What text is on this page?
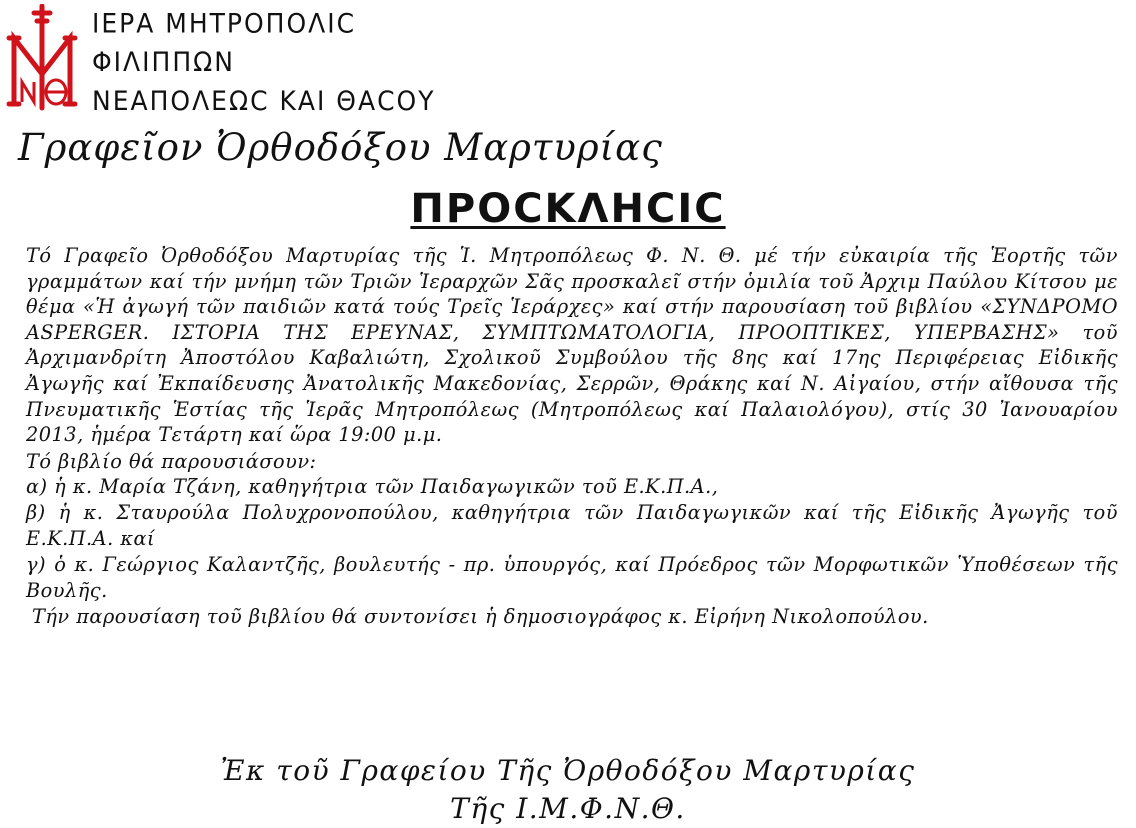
ΙΕΡΑ ΜΗΤΡΟΠΟΛΙϹ
ΦΙΛΙΠΠΩΝ
ΝΕΑΠΟΛΕΩϹ ΚΑΙ ΘΑϹΟΥ
Γραφεῖον Ὀρθοδόξου Μαρτυρίας
ΠΡΟϹΚΛΗϹΙϹ

Τό Γραφεῖο Ὀρθοδόξου Μαρτυρίας τῆς Ἱ. Μητροπόλεως Φ. Ν. Θ. μέ τήν εὐκαιρία τῆς Ἑορτῆς τῶν γραμμάτων καί τήν μνήμη τῶν Τριῶν Ἱεραρχῶν Σᾶς προσκαλεῖ στήν ὁμιλία τοῦ Ἀρχιμ Παύλου Κίτσου με θέμα «Ἡ ἀγωγή τῶν παιδιῶν κατά τούς Τρεῖς Ἱεράρχες» καί στήν παρουσίαση τοῦ βιβλίου «ΣΥΝΔΡΟΜΟ ASPERGER. ΙΣΤΟΡΙΑ ΤΗΣ ΕΡΕΥΝΑΣ, ΣΥΜΠΤΩΜΑΤΟΛΟΓΙΑ, ΠΡΟΟΠΤΙΚΕΣ, ΥΠΕΡΒΑΣΗΣ» τοῦ Ἀρχιμανδρίτη Ἀποστόλου Καβαλιώτη, Σχολικοῦ Συμβούλου τῆς 8ης καί 17ης Περιφέρειας Εἰδικῆς Ἀγωγῆς καί Ἐκπαίδευσης Ἀνατολικῆς Μακεδονίας, Σερρῶν, Θράκης καί Ν. Αἰγαίου, στήν αἴθουσα τῆς Πνευματικῆς Ἑστίας τῆς Ἱερᾶς Μητροπόλεως (Μητροπόλεως καί Παλαιολόγου), στίς 30 Ἰανουαρίου 2013, ἡμέρα Τετάρτη καί ὥρα 19:00 μ.μ.

Τό βιβλίο θά παρουσιάσουν:

α) ἡ κ. Μαρία Τζάνη, καθηγήτρια τῶν Παιδαγωγικῶν τοῦ Ε.Κ.Π.Α.,

β) ἡ κ. Σταυρούλα Πολυχρονοπούλου, καθηγήτρια τῶν Παιδαγωγικῶν καί τῆς Εἰδικῆς Ἀγωγῆς τοῦ Ε.Κ.Π.Α. καί

γ) ὁ κ. Γεώργιος Καλαντζῆς, βουλευτής - πρ. ὑπουργός, καί Πρόεδρος τῶν Μορφωτικῶν Ὑποθέσεων τῆς Βουλῆς.

Τήν παρουσίαση τοῦ βιβλίου θά συντονίσει ἡ δημοσιογράφος κ. Εἰρήνη Νικολοπούλου.

Ἐκ τοῦ Γραφείου Τῆς Ὀρθοδόξου Μαρτυρίας
Τῆς Ι.Μ.Φ.Ν.Θ.
